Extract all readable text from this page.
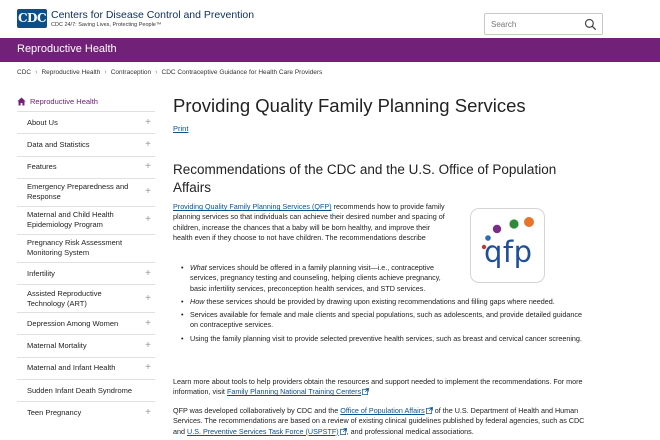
CDC Centers for Disease Control and Prevention
CDC 24/7: Saving Lives, Protecting People™
Search
Reproductive Health
CDC › Reproductive Health › Contraception › CDC Contraceptive Guidance for Health Care Providers
Reproductive Health
About Us	+
Data and Statistics	+
Features	+
Emergency Preparedness and Response	+
Maternal and Child Health Epidemiology Program	+
Pregnancy Risk Assessment Monitoring System
Infertility	+
Assisted Reproductive Technology (ART)	+
Depression Among Women	+
Maternal Mortality	+
Maternal and Infant Health	+
Sudden Infant Death Syndrome
Teen Pregnancy	+
Providing Quality Family Planning Services
Print
Recommendations of the CDC and the U.S. Office of Population Affairs

Providing Quality Family Planning Services (QFP) recommends how to provide family planning services so that individuals can achieve their desired number and spacing of children, increase the chances that a baby will be born healthy, and improve their health even if they choose to not have children. The recommendations describe	qfp
• What services should be offered in a family planning visit—i.e., contraceptive services, pregnancy testing and counseling, helping clients achieve pregnancy, basic infertility services, preconception health services, and STD services.
• How these services should be provided by drawing upon existing recommendations and filling gaps where needed.
• Services available for female and male clients and special populations, such as adolescents, and provide detailed guidance on contraceptive services.
• Using the family planning visit to provide selected preventive health services, such as breast and cervical cancer screening.

Learn more about tools to help providers obtain the resources and support needed to implement the recommendations. For more information, visit Family Planning National Training Centers

QFP was developed collaboratively by CDC and the Office of Population Affairs of the U.S. Department of Health and Human Services. The recommendations are based on a review of existing clinical guidelines published by federal agencies, such as CDC and U.S. Preventive Services Task Force (USPSTF) , and professional medical associations.
